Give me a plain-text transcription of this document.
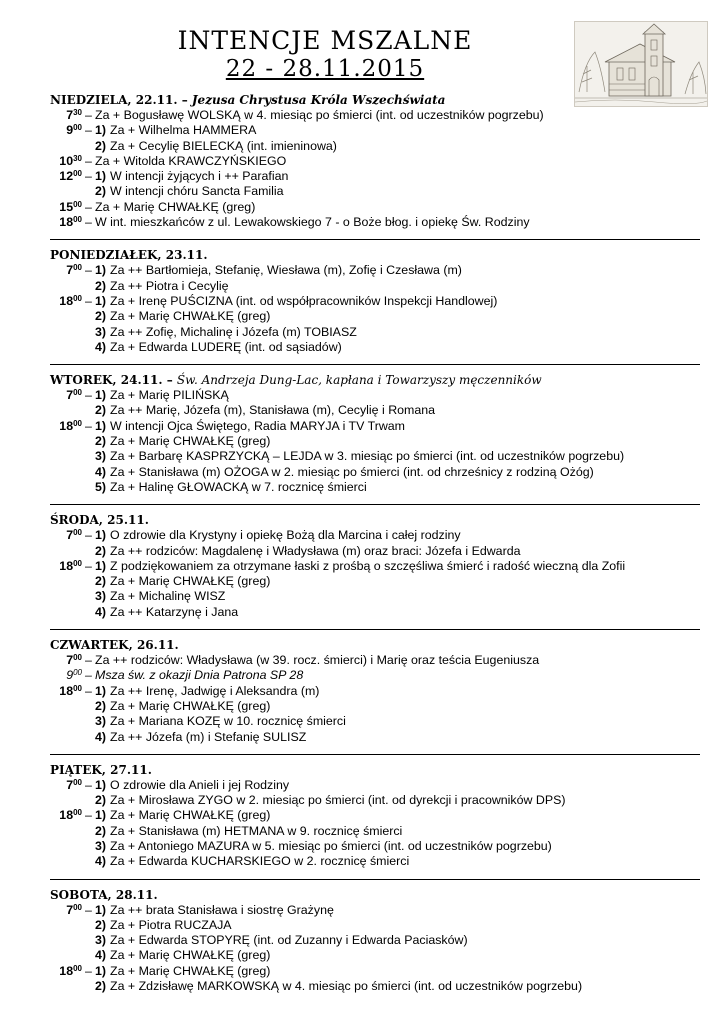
INTENCJE MSZALNE
22 - 28.11.2015
NIEDZIELA, 22.11. – Jezusa Chrystusa Króla Wszechświata
$7^{30}$ – Za + Bogusławę WOLSKĄ w 4. miesiąc po śmierci (int. od uczestników pogrzebu)
$9^{00} - 1$) Za + Wilhelma HAMMERA
2) Za + Cecylię BIELECKĄ (int. imieninowa)
$10^{30}$ – Za + Witolda KRAWCZYŃSKIEGO
$12^{00} - 1$) W intencji żyjących i ++ Parafian
2) W intencji chóru Sancta Familia
$15^{00}$ – Za + Marię CHWAŁKĘ (greg)
$18^{00}$ – W int. mieszkańców z ul. Lewakowskiego 7 - o Boże błog. i opiekę Św. Rodziny
PONIEDZIAŁEK, 23.11.
$7^{00} - 1$) Za ++ Bartłomieja, Stefanię, Wiesława (m), Zofię i Czesława (m)
2) Za ++ Piotra i Cecylię
$18^{00} - 1$) Za + Irenę PUŚCIZNA (int. od współpracowników Inspekcji Handlowej)
2) Za + Marię CHWAŁKĘ (greg)
3) Za ++ Zofię, Michalinę i Józefa (m) TOBIASZ
4) Za + Edwarda LUDERĘ (int. od sąsiadów)
WTOREK, 24.11. – Św. Andrzeja Dung-Lac, kapłana i Towarzyszy męczenników
$7^{00} - 1$) Za + Marię PILIŃSKĄ
2) Za ++ Marię, Józefa (m), Stanisława (m), Cecylię i Romana
$18^{00} - 1$) W intencji Ojca Świętego, Radia MARYJA i TV Trwam
2) Za + Marię CHWAŁKĘ (greg)
3) Za + Barbarę KASPRZYCKĄ – LEJDA w 3. miesiąc po śmierci (int. od uczestników pogrzebu)
4) Za + Stanisława (m) OŻOGA w 2. miesiąc po śmierci (int. od chrześnicy z rodziną Ożóg)
5) Za + Halinę GŁOWACKĄ w 7. rocznicę śmierci
ŚRODA, 25.11.
$7^{00} - 1$) O zdrowie dla Krystyny i opiekę Bożą dla Marcina i całej rodziny
2) Za ++ rodziców: Magdalenę i Władysława (m) oraz braci: Józefa i Edwarda
$18^{00} - 1$) Z podziękowaniem za otrzymane łaski z prośbą o szczęśliwa śmierć i radość wieczną dla Zofii
2) Za + Marię CHWAŁKĘ (greg)
3) Za + Michalinę WISZ
4) Za ++ Katarzynę i Jana
CZWARTEK, 26.11.
$7^{00}$ – Za ++ rodziców: Władysława (w 39. rocz. śmierci) i Marię oraz teścia Eugeniusza
$9^{00}$ – Msza św. z okazji Dnia Patrona SP 28
$18^{00} - 1$) Za ++ Irenę, Jadwigę i Aleksandra (m)
2) Za + Marię CHWAŁKĘ (greg)
3) Za + Mariana KOZĘ w 10. rocznicę śmierci
4) Za ++ Józefa (m) i Stefanię SULISZ
PIĄTEK, 27.11.
$7^{00} - 1$) O zdrowie dla Anieli i jej Rodziny
2) Za + Mirosława ZYGO w 2. miesiąc po śmierci (int. od dyrekcji i pracowników DPS)
$18^{00} - 1$) Za + Marię CHWAŁKĘ (greg)
2) Za + Stanisława (m) HETMANA w 9. rocznicę śmierci
3) Za + Antoniego MAZURA w 5. miesiąc po śmierci (int. od uczestników pogrzebu)
4) Za + Edwarda KUCHARSKIEGO w 2. rocznicę śmierci
SOBOTA, 28.11.
$7^{00} - 1$) Za ++ brata Stanisława i siostrę Grażynę
2) Za + Piotra RUCZAJA
3) Za + Edwarda STOPYRĘ (int. od Zuzanny i Edwarda Paciasków)
4) Za + Marię CHWAŁKĘ (greg)
$18^{00} - 1$) Za + Marię CHWAŁKĘ (greg)
2) Za + Zdzisławę MARKOWSKĄ w 4. miesiąc po śmierci (int. od uczestników pogrzebu)
